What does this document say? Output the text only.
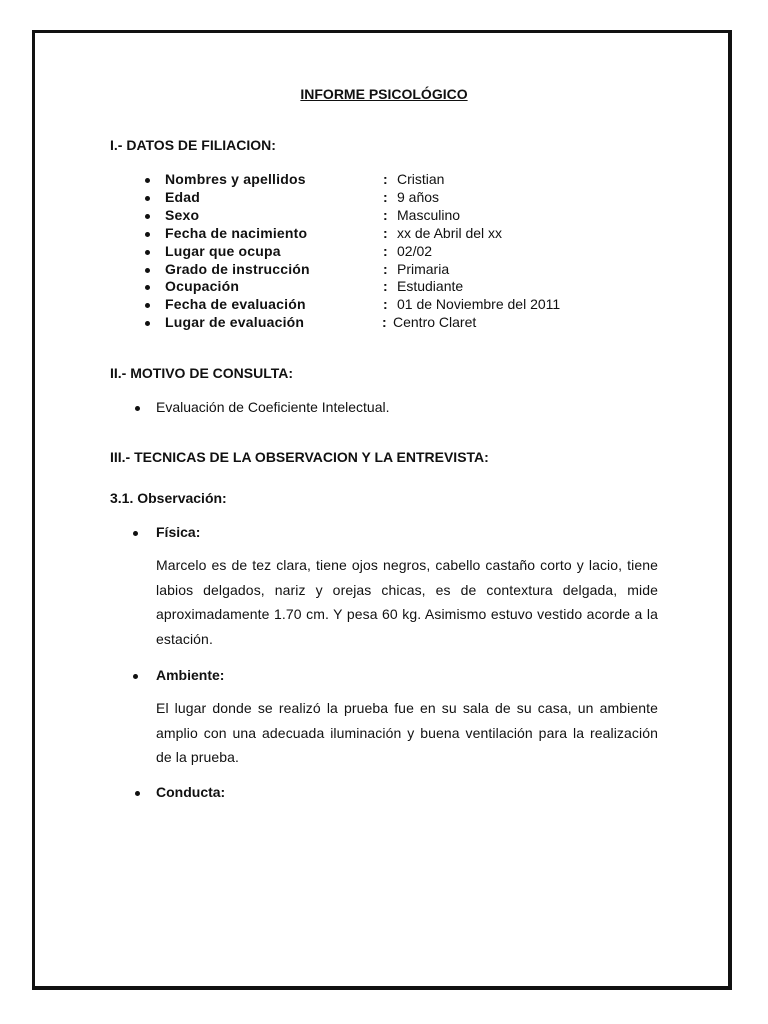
INFORME PSICOLÓGICO
I.- DATOS DE FILIACION:
Nombres y apellidos	: Cristian
Edad	: 9 años
Sexo	: Masculino
Fecha de nacimiento	: xx de Abril del xx
Lugar que ocupa	: 02/02
Grado de instrucción	: Primaria
Ocupación	: Estudiante
Fecha de evaluación	: 01 de Noviembre del 2011
Lugar de evaluación	: Centro Claret
II.- MOTIVO DE CONSULTA:
Evaluación de Coeficiente Intelectual.
III.- TECNICAS DE LA OBSERVACION Y LA ENTREVISTA:
3.1. Observación:
Física:
Marcelo es de tez clara, tiene ojos negros, cabello castaño corto y lacio, tiene labios delgados, nariz y orejas chicas, es de contextura delgada, mide aproximadamente 1.70 cm. Y pesa 60 kg. Asimismo estuvo vestido acorde a la estación.
Ambiente:
El lugar donde se realizó la prueba fue en su sala de su casa, un ambiente amplio con una adecuada iluminación y buena ventilación para la realización de la prueba.
Conducta:
